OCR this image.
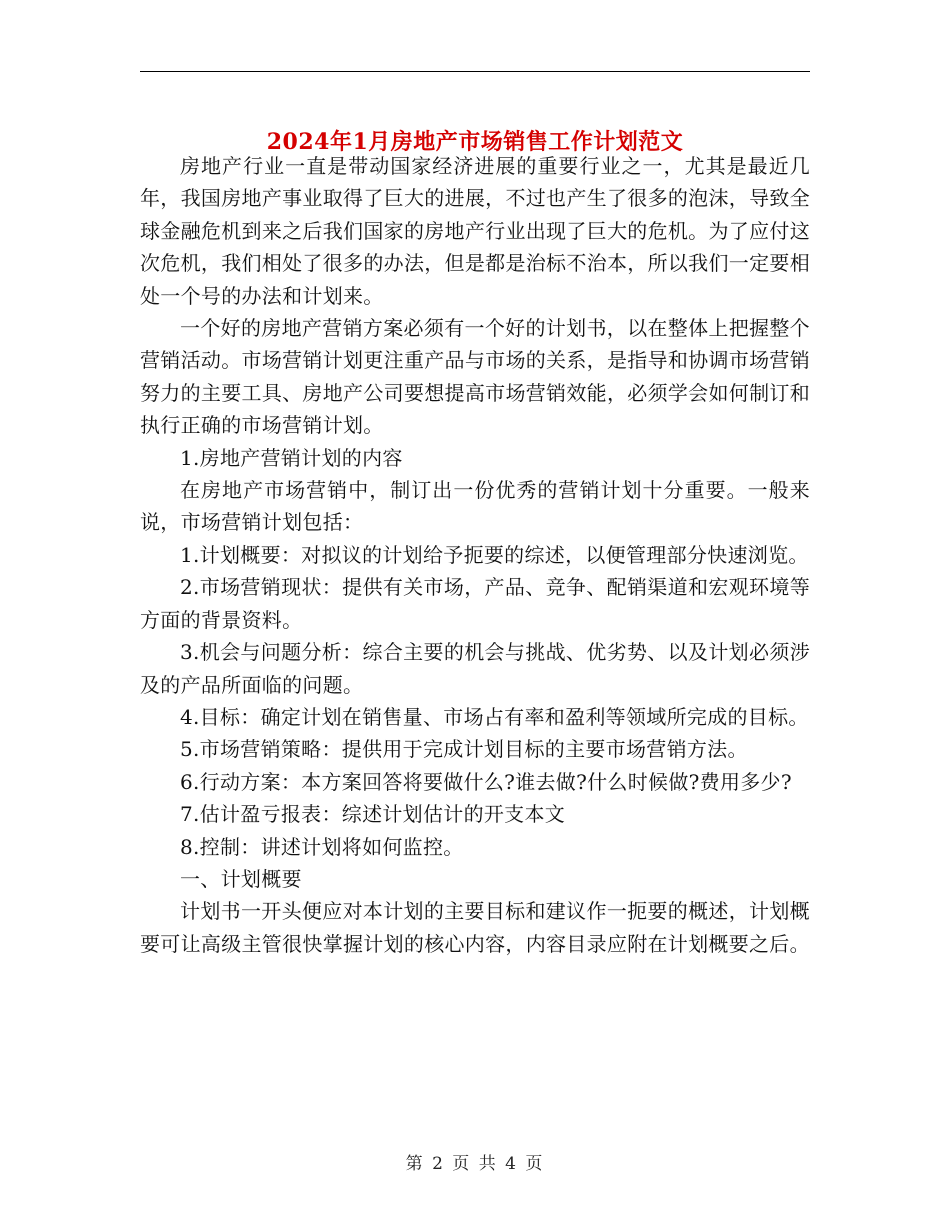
2024年1月房地产市场销售工作计划范文

房地产行业一直是带动国家经济进展的重要行业之一，尤其是最近几年，我国房地产事业取得了巨大的进展，不过也产生了很多的泡沫，导致全球金融危机到来之后我们国家的房地产行业出现了巨大的危机。为了应付这次危机，我们相处了很多的办法，但是都是治标不治本，所以我们一定要相处一个号的办法和计划来。

一个好的房地产营销方案必须有一个好的计划书，以在整体上把握整个营销活动。市场营销计划更注重产品与市场的关系，是指导和协调市场营销努力的主要工具、房地产公司要想提高市场营销效能，必须学会如何制订和执行正确的市场营销计划。

1.房地产营销计划的内容

在房地产市场营销中，制订出一份优秀的营销计划十分重要。一般来说，市场营销计划包括：

1.计划概要：对拟议的计划给予扼要的综述，以便管理部分快速浏览。

2.市场营销现状：提供有关市场，产品、竞争、配销渠道和宏观环境等方面的背景资料。

3.机会与问题分析：综合主要的机会与挑战、优劣势、以及计划必须涉及的产品所面临的问题。

4.目标：确定计划在销售量、市场占有率和盈利等领域所完成的目标。

5.市场营销策略：提供用于完成计划目标的主要市场营销方法。

6.行动方案：本方案回答将要做什么?谁去做?什么时候做?费用多少?

7.估计盈亏报表：综述计划估计的开支本文

8.控制：讲述计划将如何监控。

一、计划概要

计划书一开头便应对本计划的主要目标和建议作一扼要的概述，计划概要可让高级主管很快掌握计划的核心内容，内容目录应附在计划概要之后。

第 2 页 共 4 页
